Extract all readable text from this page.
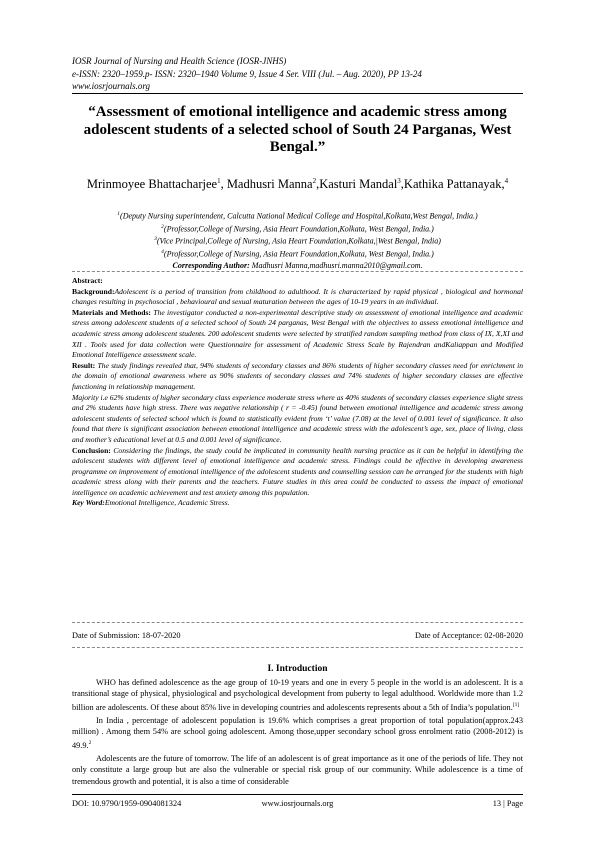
IOSR Journal of Nursing and Health Science (IOSR-JNHS)
e-ISSN: 2320–1959.p- ISSN: 2320–1940 Volume 9, Issue 4 Ser. VIII (Jul. – Aug. 2020), PP 13-24
www.iosrjournals.org
“Assessment of emotional intelligence and academic stress among adolescent students of a selected school of South 24 Parganas, West Bengal.”
Mrinmoyee Bhattacharjee$^1$, Madhusri Manna$^2$,Kasturi Mandal$^3$,Kathika Pattanayak,$^4$
$^1$(Deputy Nursing superintendent, Calcutta National Medical College and Hospital,Kolkata,West Bengal, India.)
$^2$(Professor,College of Nursing, Asia Heart Foundation,Kolkata, West Bengal, India.)
$^3$(Vice Principal,College of Nursing, Asia Heart Foundation,Kolkata,|West Bengal, India)
$^4$(Professor,College of Nursing, Asia Heart Foundation,Kolkata, West Bengal, India.)
Corresponding Author: Madhusri Manna,madhusri.manna2010@gmail.com.

Abstract:

Background:Adolescent is a period of transition from childhood to adulthood. It is characterized by rapid physical , biological and hormonal changes resulting in psychosocial , behavioural and sexual maturation between the ages of 10-19 years in an individual.

Materials and Methods: The investigator conducted a non-experimental descriptive study on assessment of emotional intelligence and academic stress among adolescent students of a selected school of South 24 parganas, West Bengal with the objectives to assess emotional intelligence and academic stress among adolescent students. 200 adolescent students were selected by stratified random sampling method from class of IX, X,XI and XII . Tools used for data collection were Questionnaire for assessment of Academic Stress Scale by Rajendran andKaliappan and Modified Emotional Intelligence assessment scale.

Result: The study findings revealed that, 94% students of secondary classes and 86% students of higher secondary classes need for enrichment in the domain of emotional awareness where as 90% students of secondary classes and 74% students of higher secondary classes are effective functioning in relationship management.

Majority i.e 62% students of higher secondary class experience moderate stress where as 40% students of secondary classes experience slight stress and 2% students have high stress. There was negative relationship ( r = -0.45) found between emotional intelligence and academic stress among adolescent students of selected school which is found to statistically evident from ‘t’ value (7.08) at the level of 0.001 level of significance. It also found that there is significant association between emotional intelligence and academic stress with the adolescent’s age, sex, place of living, class and mother’s educational level at 0.5 and 0.001 level of significance.

Conclusion: Considering the findings, the study could be implicated in community health nursing practice as it can be helpful in identifying the adolescent students with different level of emotional intelligence and academic stress. Findings could be effective in developing awareness programme on improvement of emotional intelligence of the adolescent students and counselling session can be arranged for the students with high academic stress along with their parents and the teachers. Future studies in this area could be conducted to assess the impact of emotional intelligence on academic achievement and test anxiety among this population.

Key Word:Emotional Intelligence, Academic Stress.

Date of Submission: 18-07-2020	Date of Acceptance: 02-08-2020
I. Introduction

WHO has defined adolescence as the age group of 10-19 years and one in every 5 people in the world is an adolescent. It is a transitional stage of physical, physiological and psychological development from puberty to legal adulthood. Worldwide more than 1.2 billion are adolescents. Of these about 85% live in developing countries and adolescents represents about a 5th of India’s population.[1]

In India , percentage of adolescent population is 19.6% which comprises a great proportion of total population(approx.243 million) . Among them 54% are school going adolescent. Among those,upper secondary school gross enrolment ratio (2008-2012) is 49.9.$^2$

Adolescents are the future of tomorrow. The life of an adolescent is of great importance as it one of the periods of life. They not only constitute a large group but are also the vulnerable or special risk group of our community. While adolescence is a time of tremendous growth and potential, it is also a time of considerable

DOI: 10.9790/1959-0904081324	www.iosrjournals.org	13 | Page
